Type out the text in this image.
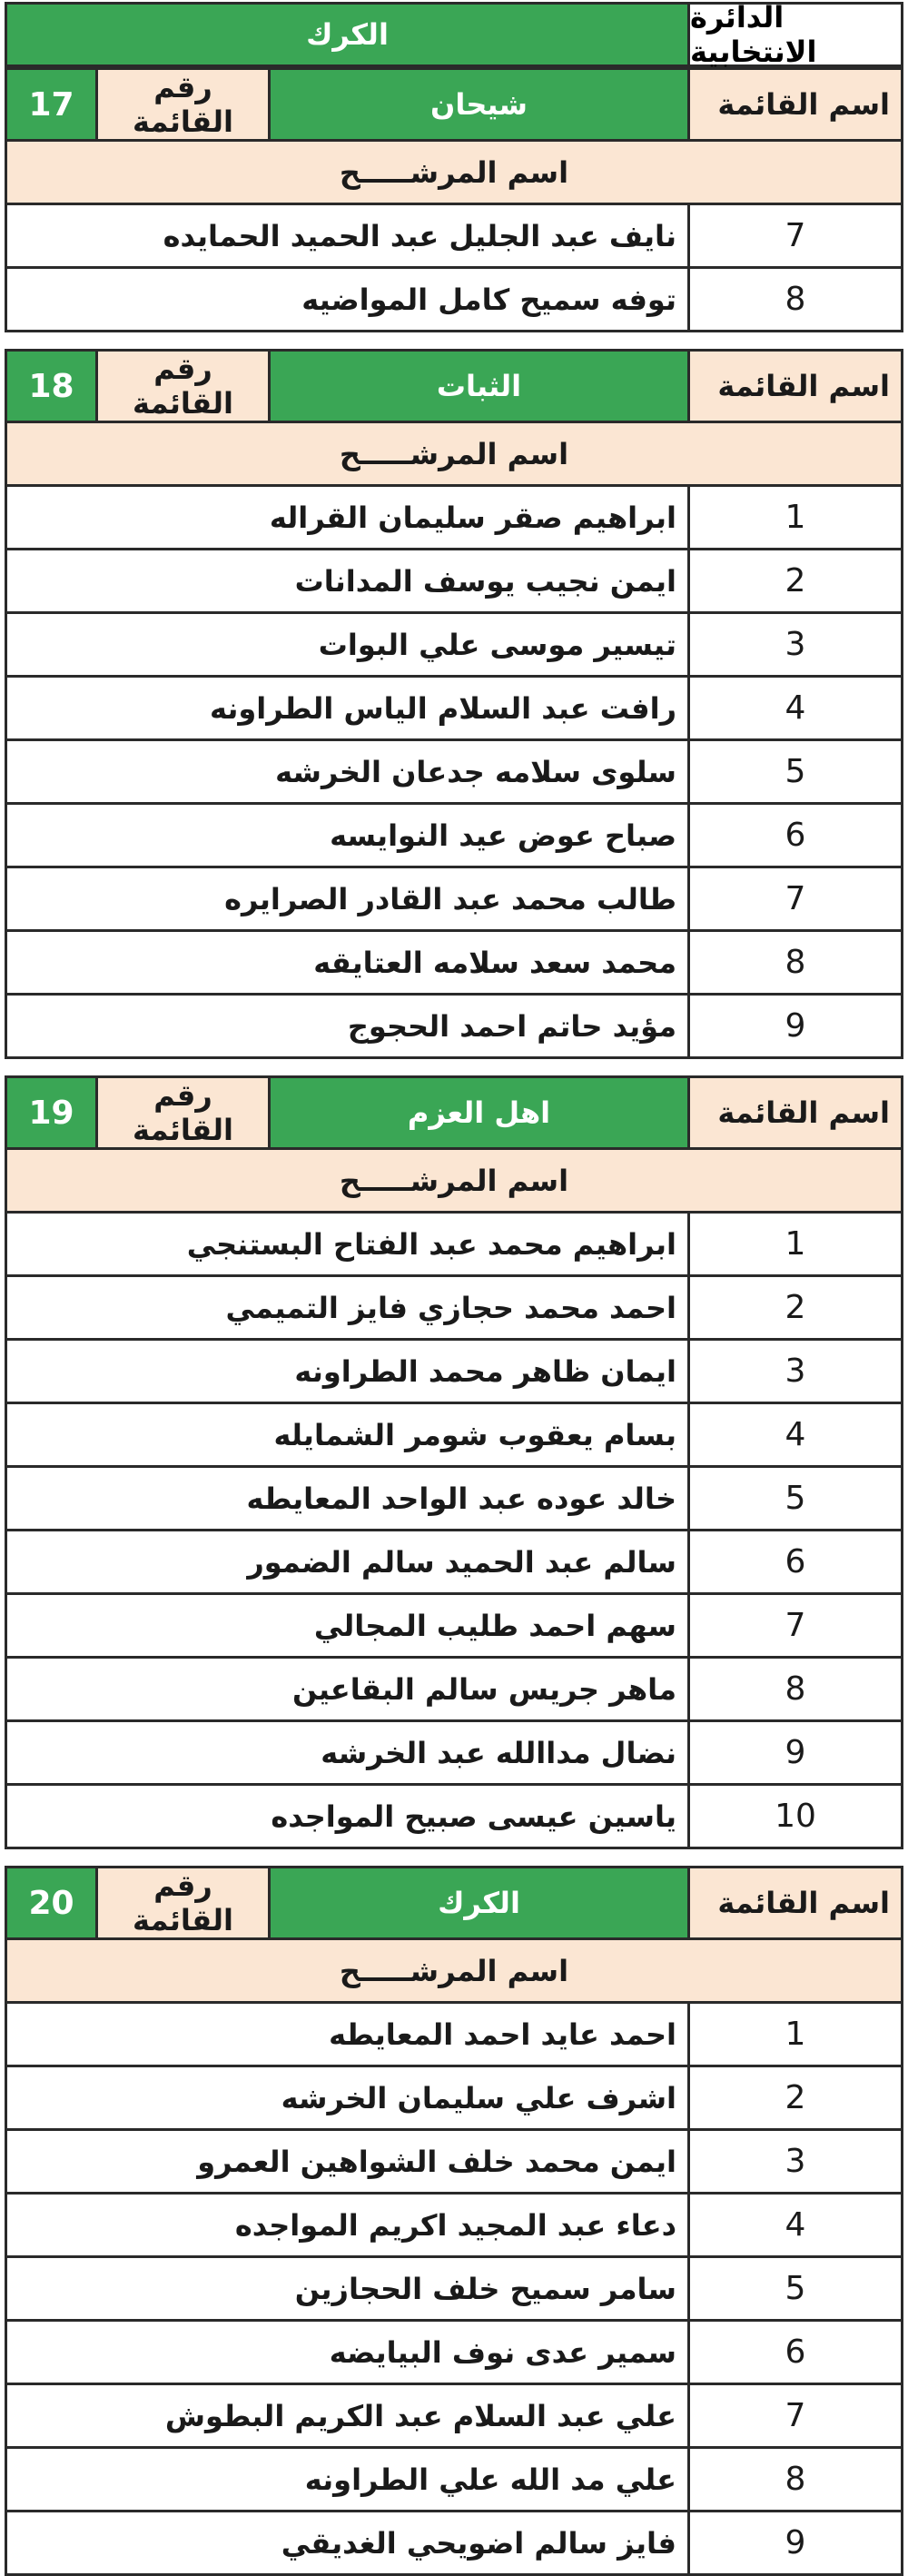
الكرك	الدائرة الانتخابية
17	رقم القائمة	شيحان	اسم القائمة
اسم المرشـــــح			
نايف عبد الجليل عبد الحميد الحمايده			7
توفه سميح كامل المواضيه			8
18	رقم القائمة	الثبات	اسم القائمة
اسم المرشـــــح			
ابراهيم صقر سليمان القراله			1
ايمن نجيب يوسف المدانات			2
تيسير موسى علي البوات			3
رافت عبد السلام الياس الطراونه			4
سلوى سلامه جدعان الخرشه			5
صباح عوض عيد النوايسه			6
طالب محمد عبد القادر الصرايره			7
محمد سعد سلامه العتايقه			8
مؤيد حاتم احمد الحجوج			9
19	رقم القائمة	اهل العزم	اسم القائمة
اسم المرشـــــح			
ابراهيم محمد عبد الفتاح البستنجي			1
احمد محمد حجازي فايز التميمي			2
ايمان ظاهر محمد الطراونه			3
بسام يعقوب شومر الشمايله			4
خالد عوده عبد الواحد المعايطه			5
سالم عبد الحميد سالم الضمور			6
سهم احمد طليب المجالي			7
ماهر جريس سالم البقاعين			8
نضال مداالله عبد الخرشه			9
ياسين عيسى صبيح المواجده			10
20	رقم القائمة	الكرك	اسم القائمة
اسم المرشـــــح			
احمد عايد احمد المعايطه			1
اشرف علي سليمان الخرشه			2
ايمن محمد خلف الشواهين العمرو			3
دعاء عبد المجيد اكريم المواجده			4
سامر سميح خلف الحجازين			5
سمير عدى نوف البيايضه			6
علي عبد السلام عبد الكريم البطوش			7
علي مد الله علي الطراونه			8
فايز سالم اضويحي الغديقي			9
